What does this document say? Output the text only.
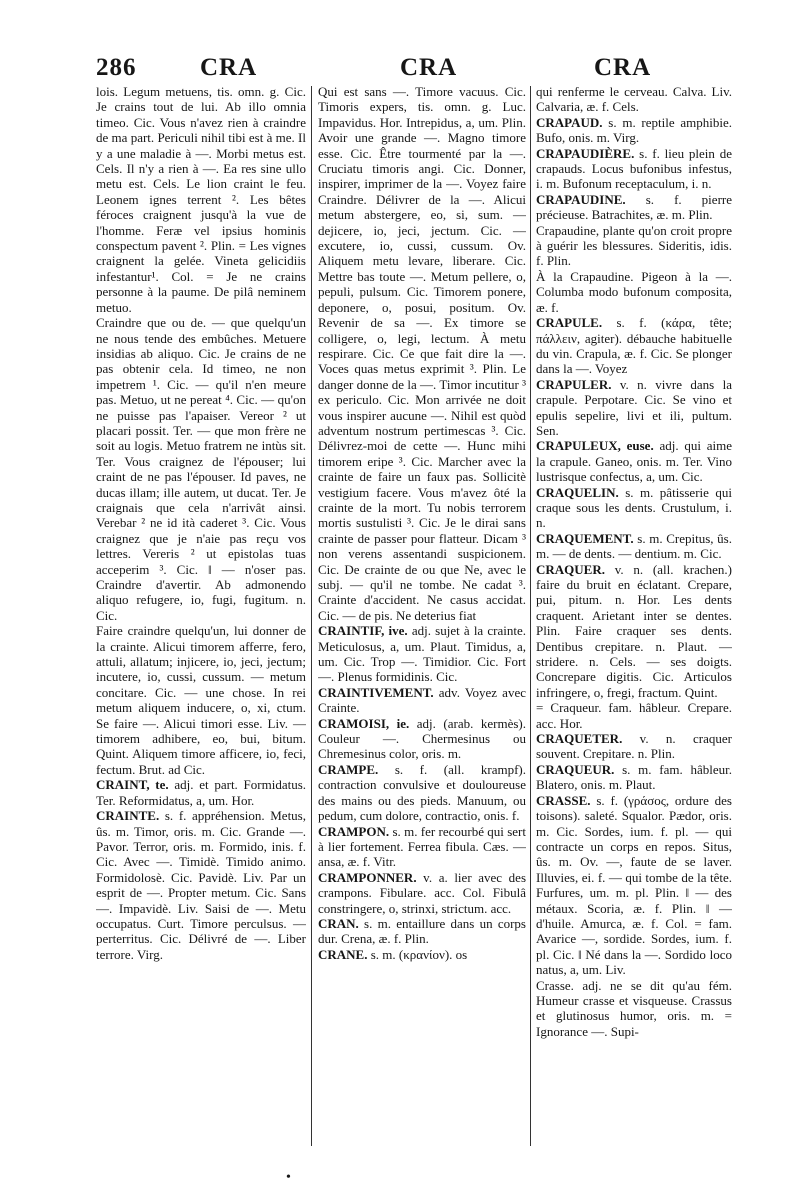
286	CRA	CRA	CRA

lois. Legum metuens, tis. omn. g. Cic. Je crains tout de lui. Ab illo omnia timeo. Cic. Vous n'avez rien à craindre de ma part. Periculi nihil tibi est à me. Il y a une maladie à —. Morbi metus est. Cels. Il n'y a rien à —. Ea res sine ullo metu est. Cels. Le lion craint le feu. Leonem ignes terrent ². Les bêtes féroces craignent jusqu'à la vue de l'homme. Feræ vel ipsius hominis conspectum pavent ². Plin. = Les vignes craignent la gelée. Vineta gelicidiis infestantur¹. Col. = Je ne crains personne à la paume. De pilâ neminem metuo.

Craindre que ou de. — que quelqu'un ne nous tende des embûches. Metuere insidias ab aliquo. Cic. Je crains de ne pas obtenir cela. Id timeo, ne non impetrem ¹. Cic. — qu'il n'en meure pas. Metuo, ut ne pereat ⁴. Cic. — qu'on ne puisse pas l'apaiser. Vereor ² ut placari possit. Ter. — que mon frère ne soit au logis. Metuo fratrem ne intùs sit. Ter. Vous craignez de l'épouser; lui craint de ne pas l'épouser. Id paves, ne ducas illam; ille autem, ut ducat. Ter. Je craignais que cela n'arrivât ainsi. Verebar ² ne id ità caderet ³. Cic. Vous craignez que je n'aie pas reçu vos lettres. Vereris ² ut epistolas tuas acceperim ³. Cic. ‖ — n'oser pas. Craindre d'avertir. Ab admonendo aliquo refugere, io, fugi, fugitum. n. Cic.

Faire craindre quelqu'un, lui donner de la crainte. Alicui timorem afferre, fero, attuli, allatum; injicere, io, jeci, jectum; incutere, io, cussi, cussum. — metum concitare. Cic. — une chose. In rei metum aliquem inducere, o, xi, ctum. Se faire —. Alicui timori esse. Liv. — timorem adhibere, eo, bui, bitum. Quint. Aliquem timore afficere, io, feci, fectum. Brut. ad Cic.

CRAINT, te. adj. et part. Formidatus. Ter. Reformidatus, a, um. Hor.

CRAINTE. s. f. appréhension. Metus, ûs. m. Timor, oris. m. Cic. Grande —. Pavor. Terror, oris. m. Formido, inis. f. Cic. Avec —. Timidè. Timido animo. Formidolosè. Cic. Pavidè. Liv. Par un esprit de —. Propter metum. Cic. Sans —. Impavidè. Liv. Saisi de —. Metu occupatus. Curt. Timore perculsus. — perterritus. Cic. Délivré de —. Liber terrore. Virg.

Qui est sans —. Timore vacuus. Cic. Timoris expers, tis. omn. g. Luc. Impavidus. Hor. Intrepidus, a, um. Plin. Avoir une grande —. Magno timore esse. Cic. Être tourmenté par la —. Cruciatu timoris angi. Cic. Donner, inspirer, imprimer de la —. Voyez faire Craindre. Délivrer de la —. Alicui metum abstergere, eo, si, sum. — dejicere, io, jeci, jectum. Cic. — excutere, io, cussi, cussum. Ov. Aliquem metu levare, liberare. Cic. Mettre bas toute —. Metum pellere, o, pepuli, pulsum. Cic. Timorem ponere, deponere, o, posui, positum. Ov. Revenir de sa —. Ex timore se colligere, o, legi, lectum. À metu respirare. Cic. Ce que fait dire la —. Voces quas metus exprimit ³. Plin. Le danger donne de la —. Timor incutitur ³ ex periculo. Cic. Mon arrivée ne doit vous inspirer aucune —. Nihil est quòd adventum nostrum pertimescas ³. Cic. Délivrez-moi de cette —. Hunc mihi timorem eripe ³. Cic. Marcher avec la crainte de faire un faux pas. Sollicitè vestigium facere. Vous m'avez ôté la crainte de la mort. Tu nobis terrorem mortis sustulisti ³. Cic. Je le dirai sans crainte de passer pour flatteur. Dicam ³ non verens assentandi suspicionem. Cic. De crainte de ou que Ne, avec le subj. — qu'il ne tombe. Ne cadat ³. Crainte d'accident. Ne casus accidat. Cic. — de pis. Ne deterius fiat

CRAINTIF, ive. adj. sujet à la crainte. Meticulosus, a, um. Plaut. Timidus, a, um. Cic. Trop —. Timidior. Cic. Fort —. Plenus formidinis. Cic.

CRAINTIVEMENT. adv. Voyez avec Crainte.

CRAMOISI, ie. adj. (arab. kermès). Couleur —. Chermesinus ou Chremesinus color, oris. m.

CRAMPE. s. f. (all. krampf). contraction convulsive et douloureuse des mains ou des pieds. Manuum, ou pedum, cum dolore, contractio, onis. f.

CRAMPON. s. m. fer recourbé qui sert à lier fortement. Ferrea fibula. Cæs. — ansa, æ. f. Vitr.

CRAMPONNER. v. a. lier avec des crampons. Fibulare. acc. Col. Fibulâ constringere, o, strinxi, strictum. acc.

CRAN. s. m. entaillure dans un corps dur. Crena, æ. f. Plin.

CRANE. s. m. (κρανίον). os

qui renferme le cerveau. Calva. Liv. Calvaria, æ. f. Cels.

CRAPAUD. s. m. reptile amphibie. Bufo, onis. m. Virg.

CRAPAUDIÈRE. s. f. lieu plein de crapauds. Locus bufonibus infestus, i. m. Bufonum receptaculum, i. n.

CRAPAUDINE. s. f. pierre précieuse. Batrachites, æ. m. Plin.

Crapaudine, plante qu'on croit propre à guérir les blessures. Sideritis, idis. f. Plin.

À la Crapaudine. Pigeon à la —. Columba modo bufonum composita, æ. f.

CRAPULE. s. f. (κάρα, tête; πάλλειν, agiter). débauche habituelle du vin. Crapula, æ. f. Cic. Se plonger dans la —. Voyez

CRAPULER. v. n. vivre dans la crapule. Perpotare. Cic. Se vino et epulis sepelire, livi et ili, pultum. Sen.

CRAPULEUX, euse. adj. qui aime la crapule. Ganeo, onis. m. Ter. Vino lustrisque confectus, a, um. Cic.

CRAQUELIN. s. m. pâtisserie qui craque sous les dents. Crustulum, i. n.

CRAQUEMENT. s. m. Crepitus, ûs. m. — de dents. — dentium. m. Cic.

CRAQUER. v. n. (all. krachen.) faire du bruit en éclatant. Crepare, pui, pitum. n. Hor. Les dents craquent. Arietant inter se dentes. Plin. Faire craquer ses dents. Dentibus crepitare. n. Plaut. — stridere. n. Cels. — ses doigts. Concrepare digitis. Cic. Articulos infringere, o, fregi, fractum. Quint.

= Craqueur. fam. hâbleur. Crepare. acc. Hor.

CRAQUETER. v. n. craquer souvent. Crepitare. n. Plin.

CRAQUEUR. s. m. fam. hâbleur. Blatero, onis. m. Plaut.

CRASSE. s. f. (γράσος, ordure des toisons). saleté. Squalor. Pædor, oris. m. Cic. Sordes, ium. f. pl. — qui contracte un corps en repos. Situs, ûs. m. Ov. —, faute de se laver. Illuvies, ei. f. — qui tombe de la tête. Furfures, um. m. pl. Plin. ‖ — des métaux. Scoria, æ. f. Plin. ‖ — d'huile. Amurca, æ. f. Col. = fam. Avarice —, sordide. Sordes, ium. f. pl. Cic. ‖ Né dans la —. Sordido loco natus, a, um. Liv.

Crasse. adj. ne se dit qu'au fém. Humeur crasse et visqueuse. Crassus et glutinosus humor, oris. m. = Ignorance —. Supi-

•
